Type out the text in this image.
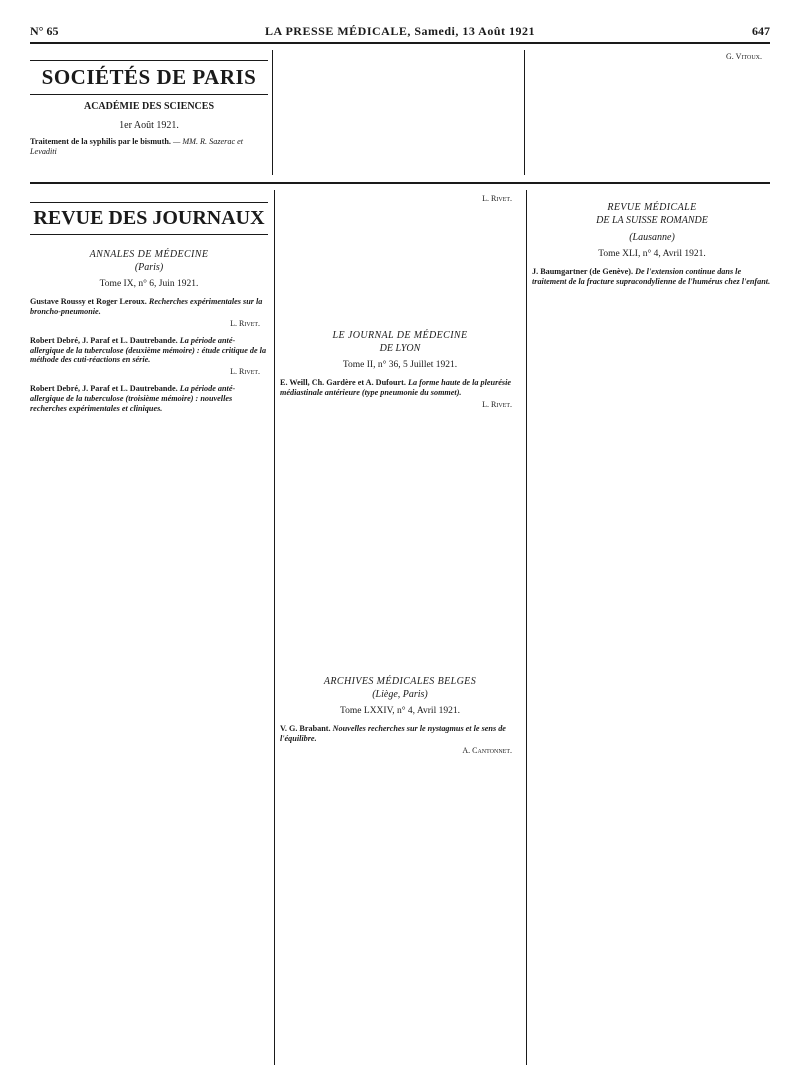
N° 65	LA PRESSE MÉDICALE, Samedi, 13 Août 1921	647
SOCIÉTÉS DE PARIS
ACADÉMIE DES SCIENCES
1er Août 1921.
Traitement de la syphilis par le bismuth. — MM. R. Sazerac et Levaditi
G. Vitoux.
REVUE DES JOURNAUX
ANNALES DE MÉDECINE
(Paris)
Tome IX, n° 6, Juin 1921.
Gustave Roussy et Roger Leroux. Recherches expérimentales sur la broncho-pneumonie.
L. Rivet.
Robert Debré, J. Paraf et L. Dautrebande. La période anté-allergique de la tuberculose (deuxième mémoire) : étude critique de la méthode des cuti-réactions en série.
L. Rivet.
Robert Debré, J. Paraf et L. Dautrebande. La période anté-allergique de la tuberculose (troisième mémoire) : nouvelles recherches expérimentales et cliniques.
L. Rivet.
LE JOURNAL DE MÉDECINE
DE LYON
Tome II, n° 36, 5 Juillet 1921.
E. Weill, Ch. Gardère et A. Dufourt. La forme haute de la pleurésie médiastinale antérieure (type pneumonie du sommet).
L. Rivet.
ARCHIVES MÉDICALES BELGES
(Liège, Paris)
Tome LXXIV, n° 4, Avril 1921.
V. G. Brabant. Nouvelles recherches sur le nystagmus et le sens de l'équilibre.
A. Cantonnet.
REVUE MÉDICALE
DE LA SUISSE ROMANDE
(Lausanne)
Tome XLI, n° 4, Avril 1921.
J. Baumgartner (de Genève). De l'extension continue dans le traitement de la fracture supracondylienne de l'humérus chez l'enfant.
